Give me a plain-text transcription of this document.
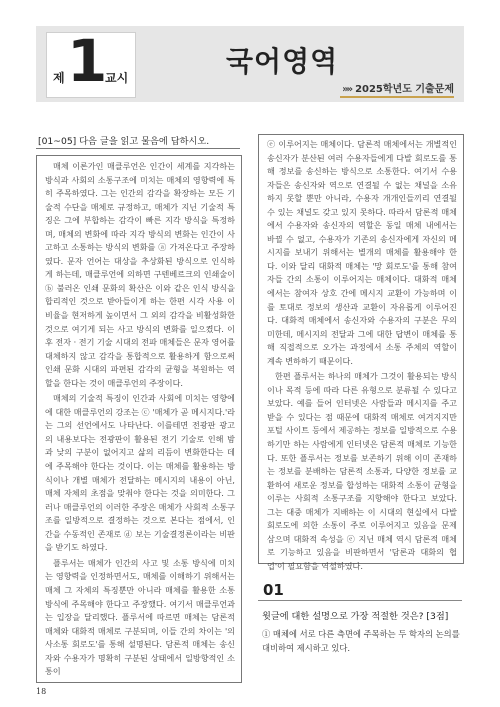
제 1
교시	국어영역
»» 2025학년도 기출문제
[01~05] 다음 글을 읽고 물음에 답하시오.

매체 이론가인 매클루언은 인간이 세계를 지각하는 방식과 사회의 소통구조에 미치는 매체의 영향력에 특히 주목하였다. 그는 인간의 감각을 확장하는 모든 기술적 수단을 매체로 규정하고, 매체가 지닌 기술적 특징은 그에 부합하는 감각이 빠른 지각 방식을 특정하며, 매체의 변화에 따라 지각 방식의 변화는 인간이 사고하고 소통하는 방식의 변화를 ⓐ 가져온다고 주장하였다. 문자 언어는 대상을 추상화된 방식으로 인식하게 하는데, 매클루언에 의하면 구텐베르크의 인쇄술이 ⓑ 불러온 인쇄 문화의 확산은 이와 같은 인식 방식을 합리적인 것으로 받아들이게 하는 한편 시각 사용 이 비율을 현저하게 높이면서 그 외의 감각을 비활성화한 것으로 여기게 되는 사고 방식의 변화를 일으켰다. 이후 전자 · 전기 기술 시대의 전파 매체들은 문자 영어를 대체하지 않고 감각을 통합적으로 활용하게 함으로써 인쇄 문화 시대의 파편된 감각의 균형을 복원하는 역할을 한다는 것이 매클루언의 주장이다.

매체의 기술적 특징이 인간과 사회에 미치는 영향에 에 대한 매클루언의 강조는 ⓒ '매체가 곧 메시지다.'라는 그의 선언에서도 나타난다. 이를테면 전광판 광고의 내용보다는 전광판이 활용된 전기 기술로 인해 밤과 낮의 구분이 없어지고 삶의 리듬이 변화한다는 데에 주목해야 한다는 것이다. 이는 매체를 활용하는 방식이나 개별 매체가 전달하는 메시지의 내용이 아닌, 매체 자체의 초점을 맞춰야 한다는 것을 의미한다. 그러나 매클루언의 이러한 주장은 매체가 사회적 소통구조를 일방적으로 결정하는 것으로 본다는 점에서, 인간을 수동적인 존재로 ⓓ 보는 기술결정론이라는 비판을 받기도 하였다.

플루서는 매체가 인간의 사고 및 소통 방식에 미치는 영향력을 인정하면서도, 매체를 이해하기 위해서는 매체 그 자체의 특징뿐만 아니라 매체를 활용한 소통 방식에 주목해야 한다고 주장했다. 여기서 매클루언과는 입장을 달리했다. 플루서에 따르면 매체는 담론적 매체와 대화적 매체로 구분되며, 이들 간의 차이는 '의사소통 회로도'를 통해 설명된다. 담론적 매체는 송신자와 수용자가 명확히 구분된 상태에서 일방향적인 소통이

ⓔ 이루어지는 매체이다. 담론적 매체에서는 개별적인 송신자가 분산된 여러 수용자들에게 다발 회로도를 통해 정보를 송신하는 방식으로 소통한다. 여기서 수용자들은 송신자와 역으로 연결될 수 없는 채널을 소유하지 못할 뿐만 아니라, 수용자 개개인들끼리 연결될 수 있는 채널도 갖고 있지 못하다. 따라서 담론적 매체에서 수용자와 송신자의 역할은 동일 매체 내에서는 바뀔 수 없고, 수용자가 기존의 송신자에게 자신의 메시지를 보내기 위해서는 별개의 매체를 활용해야 한다. 이와 달리 대화적 매체는 '망 회로도'를 통해 참여자들 간의 소통이 이루어지는 매체이다. 대화적 매체에서는 참여자 상호 간에 메시지 교환이 가능하며 이를 토대로 정보의 생산과 교환이 자유롭게 이루어진다. 대화적 매체에서 송신자와 수용자의 구분은 무의미한데, 메시지의 전달과 그에 대한 답변이 매체를 통해 직접적으로 오가는 과정에서 소통 주체의 역할이 계속 변하하기 때문이다.

한편 플루서는 하나의 매체가 그것이 활용되는 방식이나 목적 등에 따라 다른 유형으로 분류될 수 있다고 보았다. 예를 들어 인터넷은 사람들과 메시지를 주고받을 수 있다는 점 때문에 대화적 매체로 여겨지지만 포털 사이트 등에서 제공하는 정보를 일방적으로 수용하기만 하는 사람에게 인터넷은 담론적 매체로 기능한다. 또한 플루서는 정보를 보존하기 위해 이미 존재하는 정보를 분배하는 담론적 소통과, 다양한 정보를 교환하여 새로운 정보를 합성하는 대화적 소통이 균형을 이루는 사회적 소통구조를 지향해야 한다고 보았다. 그는 대중 매체가 지배하는 이 시대의 현실에서 다발 회로도에 의한 소통이 주로 이루어지고 있음을 문제 삼으며 대화적 속성을 ⓔ 지닌 매체 역시 담론적 매체로 기능하고 있음을 비판하면서 '담론과 대화의 협업'이 필요함을 역설하였다.

01
윗글에 대한 설명으로 가장 적절한 것은? [3점]
① 매체에 서로 다른 측면에 주목하는 두 학자의 논의를 대비하여 제시하고 있다.
18
